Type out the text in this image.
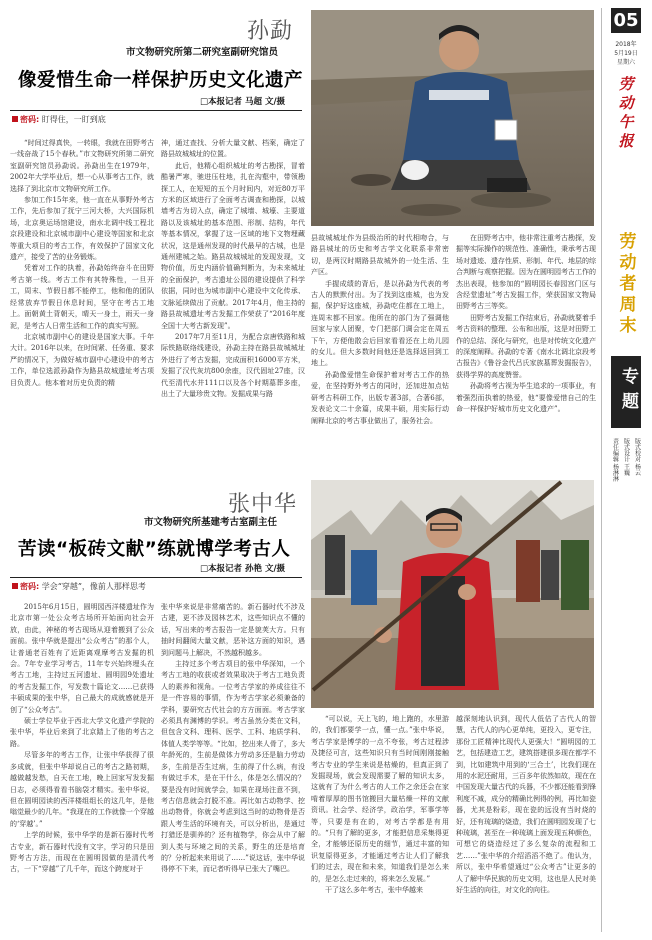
孙勐
市文物研究所第二研究室副研究馆员
像爱惜生命一样保护历史文化遗产
□本报记者 马超 文/摄
密码: 盯得住，一盯到底

“时间过得真快，一转眼，我就在田野考古一线奋战了15个春秋。”市文物研究所第二研究室副研究馆员孙勐说。孙勐出生在1979年，2002年大学毕业后，想一心从事考古工作，就选择了到北京市文物研究所工作。

参加工作15年来，他一直在从事野外考古工作，先后参加了抚宁三河大桥，大兴国际机场，北京奥运场馆建设，南水北调中线工程北京段建设和北京城市副中心建设等国家和北京等重大项目的考古工作，有效保护了国家文化遗产，接受了苦的业务锻炼。

凭着对工作的执着，孙勐始终奋斗在田野考古第一线。考古工作有其特殊性，一旦开工，周末、节假日都不能停工，他和他的团队经常放弃节假日休息时间，坚守在考古工地上。面朝黄土背朝天，晴天一身土，雨天一身泥，是考古人日常生活和工作的真实写照。

北京城市副中心的建设是国家大事。千年大计。2016年以来，在时间紧、任务重、要求严的情况下，为做好城市副中心建设中的考古工作，单位选派孙勐作为路县故城遗址考古项目负责人。他本着对历史负责的精

神，通过查找、分析大量文献、档案，确定了路县故城城址的位置。

此后，他精心组织城址的考古勘探，冒着酷暑严寒，驰进压柱地，扎在沟壑中，带领勘探工人，在短短的五个月时间内，对近80万平方米的区域进行了全面考古调查和勘探，以城墙考古为切入点，确定了城墙、城壕、主要道路以及该城址的基本范围、形制、结构，年代等基本情况，掌握了这一区域的地下文物埋藏状况，这是通州发现的时代最早的古城，也是通州建城之始。路县故城城址的发现发现，文物价值，历史内涵价值确判断为，为未来城址的全面保护，考古遗址公园的建设提供了科学依据，同时也为城市副中心建设中文化传承、文脉延续做出了贡献。2017年4月，他主持的路县故城遗址考古发掘工作荣获了“2016年度全国十大考古新发现”。

2017年7月至11月，为配合京唐铁路和城际铁路联络线建设，孙勐主持在路县故城城址外进行了考古发掘，完成面积16000平方米，发掘了汉代灰坑800余座，汉代固址27座，汉代至清代水井111口以及各个时期墓葬多座，出土了大量珍贵文物。发掘成果与路

县故城城址作为县级治所的时代相吻合，与路县城址的历史和考古学文化联系非常密切，是两汉时期路县故城外的一处生活、生产区。

手握成绩的背后，是以孙勐为代表的考古人的默默付出。为了找到这座城，也为发掘，保护好这座城，孙勐吃住都在工地上，连周末都不回家。他所在的部门为了强调他回家与家人团聚，专门把部门调会定在周五下午，方便他散会后回家看看还在上幼儿园的女儿。但大多数时间他还是选择返回到工地上。

孙勐像爱惜生命保护着对考古工作的热爱，在坚持野外考古的同时，还加进加点钻研考古科研工作，出版专著3部，合著6部，发表论文二十余篇，成果丰硕，用实际行动阐释北京的考古事业做出了，服务社会。

在田野考古中，他非常注重考古勘探，发掘等实际操作的规范性、准确性，秉承考古现场对遗迹、遗存性质、形制、年代、地层的综合判断与观察把握。因为在圆明园考古工作的杰出表现，他参加的“圆明园长春园宫门区与含经堂遗址”考古发掘工作，荣获国家文物局田野考古三等奖。

田野考古发掘工作结束后，孙勐就要着手考古资料的整理、公布和出版，这是对田野工作的总结、深化与研究，也是对传统文化遗产的深度阐释。孙勐的专著《南水北调北京段考古报告》《鲁谷金代吕氏家族墓葬发掘报告》，获得学界的高度赞誉。

孙勐将考古视为毕生追求的一项事业，有着强烈而执着的热爱，他“要像爱惜自己的生命一样保护好城市历史文化遗产”。

张中华
市文物研究所基建考古室副主任
苦读“板砖文献”练就博学考古人
□本报记者 孙艳 文/摄
密码: 学会“穿越”，像前人那样思考

2015年6月15日，圆明园西洋楼遗址作为北京市第一处公众考古场所开始面向社会开放，由此，神秘的考古现场从迎着搬到了公众面前。张中华就是提出“公众考古”的那个人，让普通老百姓有了近距离观摩考古发掘的机会。7年专业学习考古，11年专兴始终埋头在考古工地，主持过五河遗址、圆明园9处遗址的考古发掘工作，写发数十篇论文……已获得丰硕成果的张中华，自己最大的成就感就是开创了“公众考古”。

硕士学位毕业于西北大学文化遗产学院的张中华，毕业后来到了北京踏上了他的考古之路。

尽管多年的考古工作，让张中华获得了很多成就，但张中华却说自己的考古之路初期，越做越发愁，自天在工地，晚上回家写发发掘日志，必须得看看书脑袋才精实。张中华说，但在圆明园读的西洋楼组组长的这几年，是他嗡觉最少的几年。“我现在的工作就像一个穿越的‘穿越’。”

上学的时候，张中华学的是新石器时代考古专业，新石器时代没有文字，学习的只是田野考古方法，而现在在圆明园做的是清代考古，一下“穿越”了几千年，而这个跨度对于

张中华来说是非常痛苦的。新石器时代不涉及古建，更不涉及园林艺术，这些知识点不懂的话，写出来的考古报告一定是貌荚大方。只有抽时间翻阅大量文献，恶补这方面的知识，遇到问题马上解决，不然越积越多。

主持过多个考古项目的张中华深知，一个考古工地的收获或者效果取决于考古工地负责人的素养和视角。一位考古学家的养成往往不是一件容易的事情，作为考古学家必须兼备的学科，要研究古代社会的方方面面。考古学家必须具有渊博的学识。考古虽然分类在文科，但包含文科、理科、医学、工科、地质学科、体值人类学等等。“比如，挖出来人骨了，多大年龄死的，生前是做体力劳动多还是脑力劳动多，生前是否生过病，生前得了什么病，有没有做过手术，是在干什么，体是怎么情况的？要是没有时间就学会，如果在现场注意不到，考古信息就会打脱不准。再比如古动物学、挖出动物骨，你就会考虑到这当时的动物骨是否跟人考生活的环境有关，可以分析出，是通过打猎还是驯养的？还有植物学，你会从中了解到人类与环境之间的关系，野生的还是培育的？分析起来来用说了……”说这话，张中华说得停不下来，而记者听得早已张大了嘴巴。

“可以说，天上飞的，地上跑的，水里游的，我们都要学一点，懂一点。”张中华说，考古学家是博学的一点不夸张，考古过程涉及捷径可言，这些知识只有当时间刚刚接触考古专业的学生来说是枯燥的，但真正到了发掘现场，就会发现需要了解的知识太多，这就有了为什么考古的人工作之余还会在家啃着厚厚的图书馆搬回大量枯燥一样的文献资讯。社会学、经济学，政治学，军事学等等，只要是有在的，对考古学都是有用的。“只有了解的更多，才能把信息采集得更全，才能够还原历史的细节，通过丰富的知识复原得更多，才能通过考古让人们了解我们的过去，现在和未来，知道我们是怎么来的，是怎么走过来的，将来怎么发展。”

干了这么多年考古，张中华越来

越深刻地认识到，现代人低估了古代人的智慧，古代人的内心更单纯，更投入，更专注，那份工匠精神比现代人更强大！“圆明园的工艺，包括建造工艺，建筑搭建很多现在都学不到，比如建筑中用到的‘三合土’，比我们现在用的水泥还耐用，三百多年依然如故，现在在中国发现大量古代的兵器，不少都还能看到锋利度不减，成分的精确比例得的例，再比如瓷器，尤其是粉彩，现在瓷的远没有当时烧的好，还有琉璃的烧造，我们在圆明园发现了七种琉璃，甚至在一种琉璃上面发现五种颜色，可想它的烧造经过了多么复杂的流程和工艺……”张中华的介绍滔滔不绝了。他认为，所以，张中华希望通过“公众考古”让更多的人了解中华民族的历史文明，这也是人民对美好生活的向往，对文化的向往。

05
2018年
5月19日
星期六
劳动午报
劳动者周末
专题
责任编辑 杨淋淋 版式设计 王巍 版式校对 杨云
